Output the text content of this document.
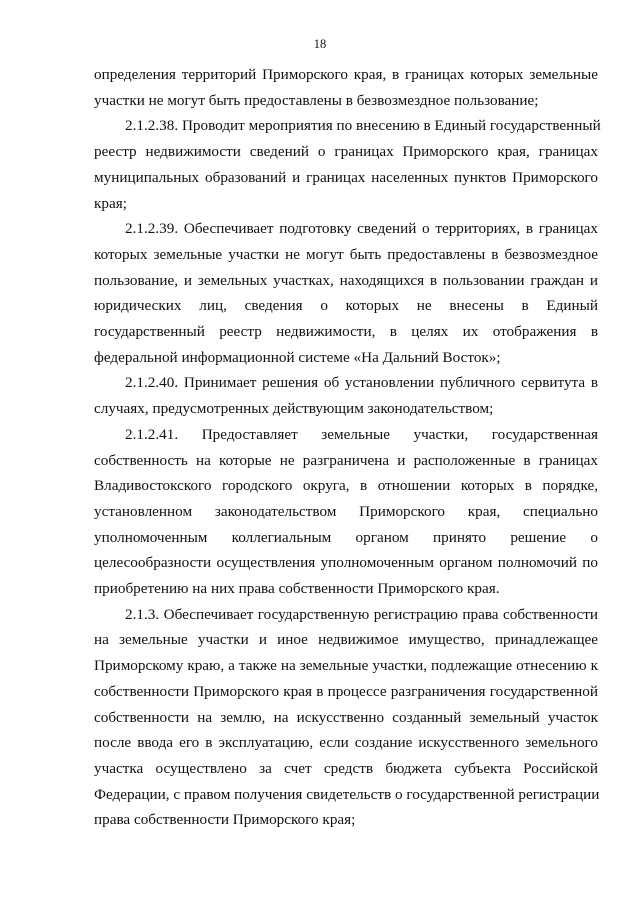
18

определения территорий Приморского края, в границах которых земельные
участки не могут быть предоставлены в безвозмездное пользование;

2.1.2.38. Проводит мероприятия по внесению в Единый государственный
реестр недвижимости сведений о границах Приморского края, границах
муниципальных образований и границах населенных пунктов Приморского
края;

2.1.2.39. Обеспечивает подготовку сведений о территориях, в границах
которых земельные участки не могут быть предоставлены в безвозмездное
пользование, и земельных участках, находящихся в пользовании граждан и
юридических лиц, сведения о которых не внесены в Единый
государственный реестр недвижимости, в целях их отображения в
федеральной информационной системе «На Дальний Восток»;

2.1.2.40. Принимает решения об установлении публичного сервитута в
случаях, предусмотренных действующим законодательством;

2.1.2.41. Предоставляет земельные участки, государственная
собственность на которые не разграничена и расположенные в границах
Владивостокского городского округа, в отношении которых в порядке,
установленном законодательством Приморского края, специально
уполномоченным коллегиальным органом принято решение о
целесообразности осуществления уполномоченным органом полномочий по
приобретению на них права собственности Приморского края.

2.1.3. Обеспечивает государственную регистрацию права собственности
на земельные участки и иное недвижимое имущество, принадлежащее
Приморскому краю, а также на земельные участки, подлежащие отнесению к
собственности Приморского края в процессе разграничения государственной
собственности на землю, на искусственно созданный земельный участок
после ввода его в эксплуатацию, если создание искусственного земельного
участка осуществлено за счет средств бюджета субъекта Российской
Федерации, с правом получения свидетельств о государственной регистрации
права собственности Приморского края;
